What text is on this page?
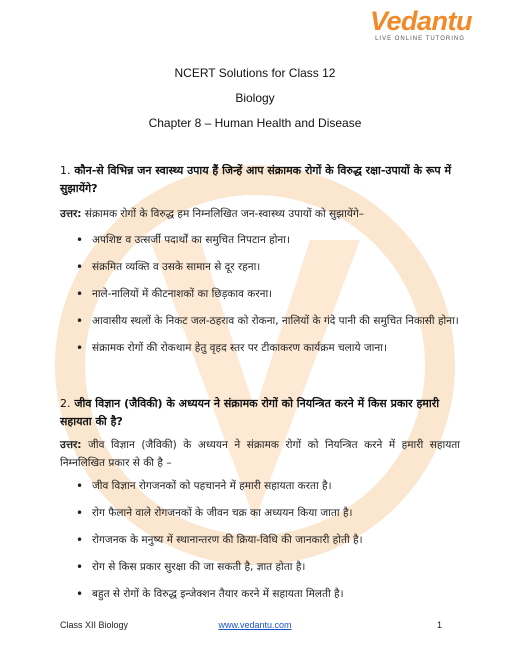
Vedantu
LIVE ONLINE TUTORING
NCERT Solutions for Class 12
Biology
Chapter 8 – Human Health and Disease
1. कौन-से विभिन्न जन स्वास्थ्य उपाय हैं जिन्हें आप संक्रामक रोगों के विरुद्ध रक्षा-उपायों के रूप में सुझायेंगे?
उत्तर: संक्रामक रोगों के विरुद्ध हम निम्नलिखित जन-स्वास्थ्य उपायों को सुझायेंगे–
• अपशिष्ट व उत्सर्जी पदार्थों का समुचित निपटान होना।
• संक्रमित व्यक्ति व उसके सामान से दूर रहना।
• नाले-नालियों में कीटनाशकों का छिड़काव करना।
• आवासीय स्थलों के निकट जल-ठहराव को रोकना, नालियों के गंदे पानी की समुचित निकासी होना।
• संक्रामक रोगों की रोकथाम हेतु वृहद स्तर पर टीकाकरण कार्यक्रम चलाये जाना।
2. जीव विज्ञान (जैविकी) के अध्ययन ने संक्रामक रोगों को नियन्त्रित करने में किस प्रकार हमारी सहायता की है?
उत्तर: जीव विज्ञान (जैविकी) के अध्ययन ने संक्रामक रोगों को नियन्त्रित करने में हमारी सहायता निम्नलिखित प्रकार से की है –
• जीव विज्ञान रोगजनकों को पहचानने में हमारी सहायता करता है।
• रोग फैलाने वाले रोगजनकों के जीवन चक्र का अध्ययन किया जाता है।
• रोगजनक के मनुष्य में स्थानान्तरण की क्रिया-विधि की जानकारी होती है।
• रोग से किस प्रकार सुरक्षा की जा सकती है, ज्ञात होता है।
• बहुत से रोगों के विरुद्ध इन्जेक्शन तैयार करने में सहायता मिलती है।
Class XII Biology	www.vedantu.com	1
